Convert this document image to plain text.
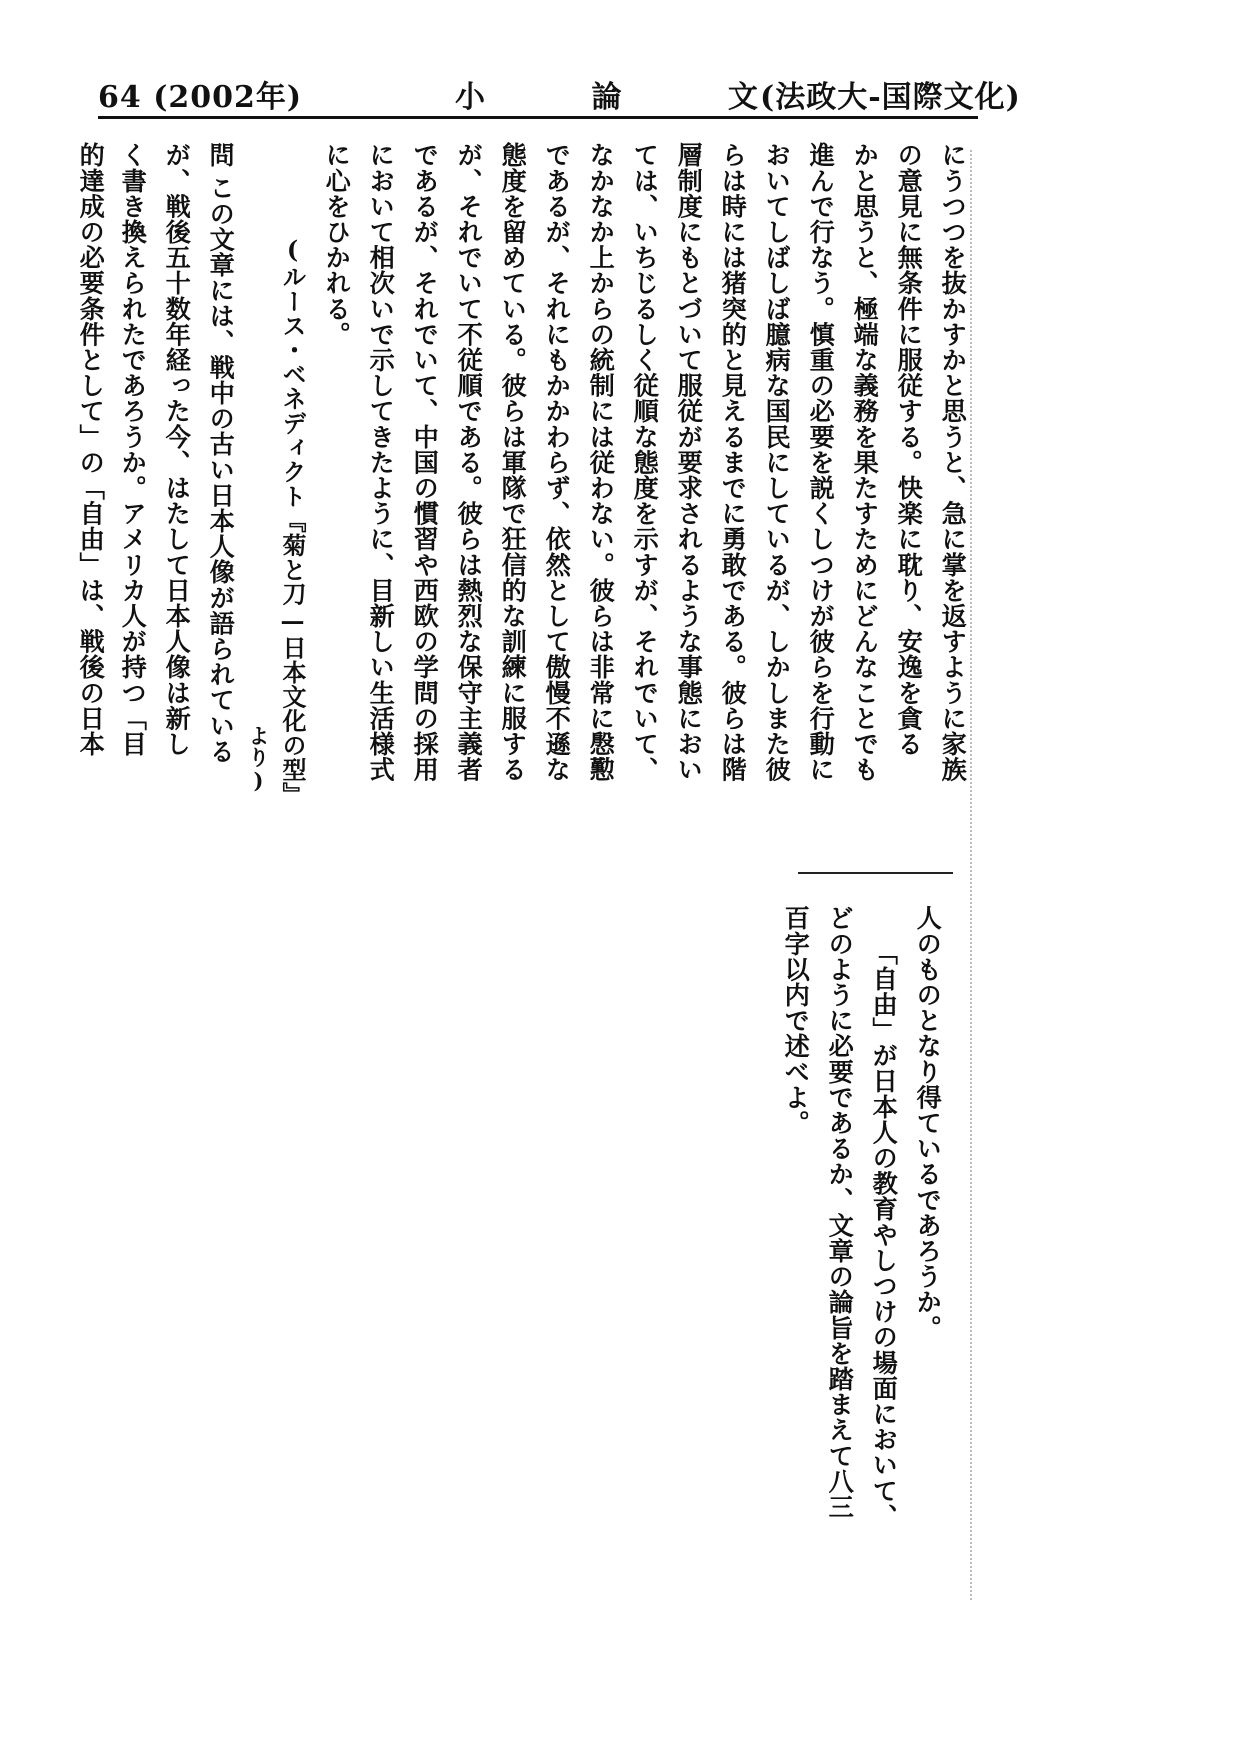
64 (2002年)	小 論 文
(法政大-国際文化)
にうつつを抜かすかと思うと、急に掌を返すように家族
の意見に無条件に服従する。快楽に耽り、安逸を貪る
かと思うと、極端な義務を果たすためにどんなことでも
進んで行なう。慎重の必要を説くしつけが彼らを行動に
おいてしばしば臆病な国民にしているが、しかしまた彼
らは時には猪突的と見えるまでに勇敢である。彼らは階
層制度にもとづいて服従が要求されるような事態におい
ては、いちじるしく従順な態度を示すが、それでいて、
なかなか上からの統制には従わない。彼らは非常に慇懃
であるが、それにもかかわらず、依然として傲慢不遜な
態度を留めている。彼らは軍隊で狂信的な訓練に服する
が、それでいて不従順である。彼らは熱烈な保守主義者
であるが、それでいて、中国の慣習や西欧の学問の採用
において相次いで示してきたように、目新しい生活様式
に心をひかれる。
(ルース・ベネディクト『菊と刀—日本文化の型』
より)
問
この文章には、戦中の古い日本人像が語られている
が、戦後五十数年経った今、はたして日本人像は新し
く書き換えられたであろうか。アメリカ人が持つ「目
的達成の必要条件として」の「自由」は、戦後の日本
人のものとなり得ているであろうか。
「自由」が日本人の教育やしつけの場面において、
どのように必要であるか、文章の論旨を踏まえて八三
百字以内で述べよ。
